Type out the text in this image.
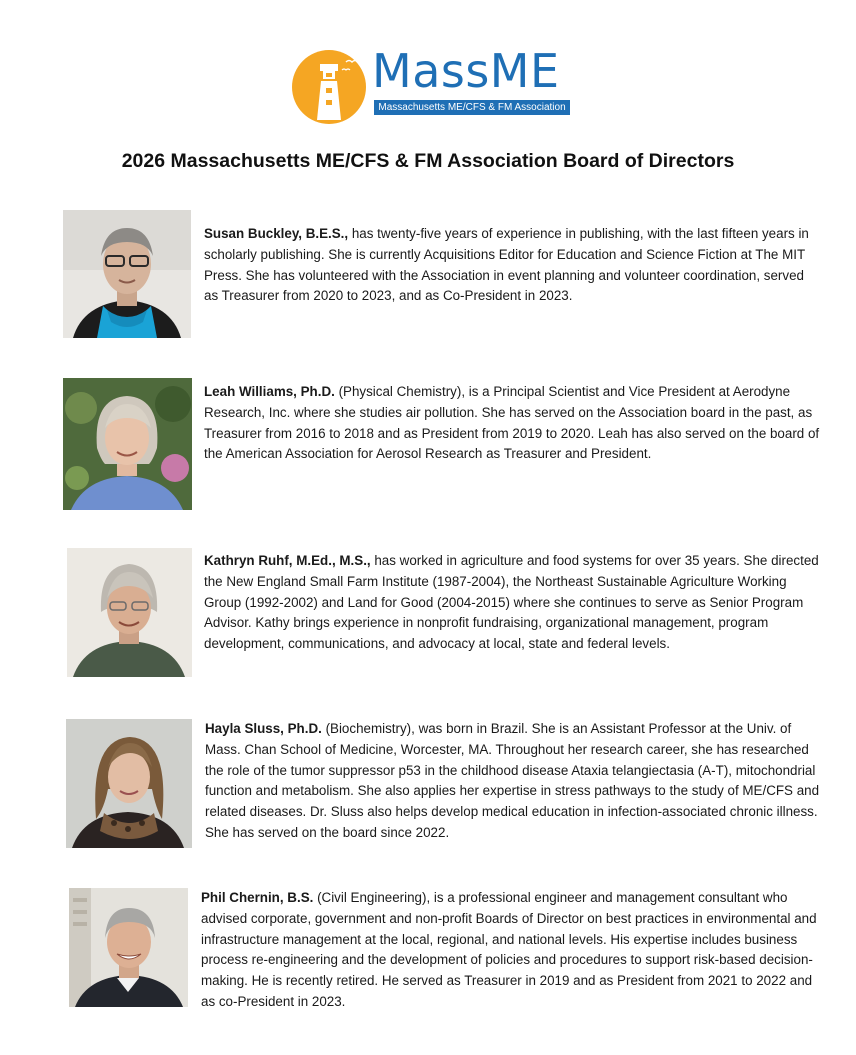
MassME
Massachusetts ME/CFS & FM Association
2026 Massachusetts ME/CFS & FM Association Board of Directors

Susan Buckley, B.E.S., has twenty-five years of experience in publishing, with the last fifteen years in scholarly publishing. She is currently Acquisitions Editor for Education and Science Fiction at The MIT Press. She has volunteered with the Association in event planning and volunteer coordination, served as Treasurer from 2020 to 2023, and as Co-President in 2023.

Leah Williams, Ph.D. (Physical Chemistry), is a Principal Scientist and Vice President at Aerodyne Research, Inc. where she studies air pollution. She has served on the Association board in the past, as Treasurer from 2016 to 2018 and as President from 2019 to 2020. Leah has also served on the board of the American Association for Aerosol Research as Treasurer and President.

Kathryn Ruhf, M.Ed., M.S., has worked in agriculture and food systems for over 35 years. She directed the New England Small Farm Institute (1987-2004), the Northeast Sustainable Agriculture Working Group (1992-2002) and Land for Good (2004-2015) where she continues to serve as Senior Program Advisor. Kathy brings experience in nonprofit fundraising, organizational management, program development, communications, and advocacy at local, state and federal levels.

Hayla Sluss, Ph.D. (Biochemistry), was born in Brazil. She is an Assistant Professor at the Univ. of Mass. Chan School of Medicine, Worcester, MA. Throughout her research career, she has researched the role of the tumor suppressor p53 in the childhood disease Ataxia telangiectasia (A-T), mitochondrial function and metabolism. She also applies her expertise in stress pathways to the study of ME/CFS and related diseases. Dr. Sluss also helps develop medical education in infection-associated chronic illness. She has served on the board since 2022.

Phil Chernin, B.S. (Civil Engineering), is a professional engineer and management consultant who advised corporate, government and non-profit Boards of Director on best practices in environmental and infrastructure management at the local, regional, and national levels. His expertise includes business process re-engineering and the development of policies and procedures to support risk-based decision-making. He is recently retired. He served as Treasurer in 2019 and as President from 2021 to 2022 and as co-President in 2023.
